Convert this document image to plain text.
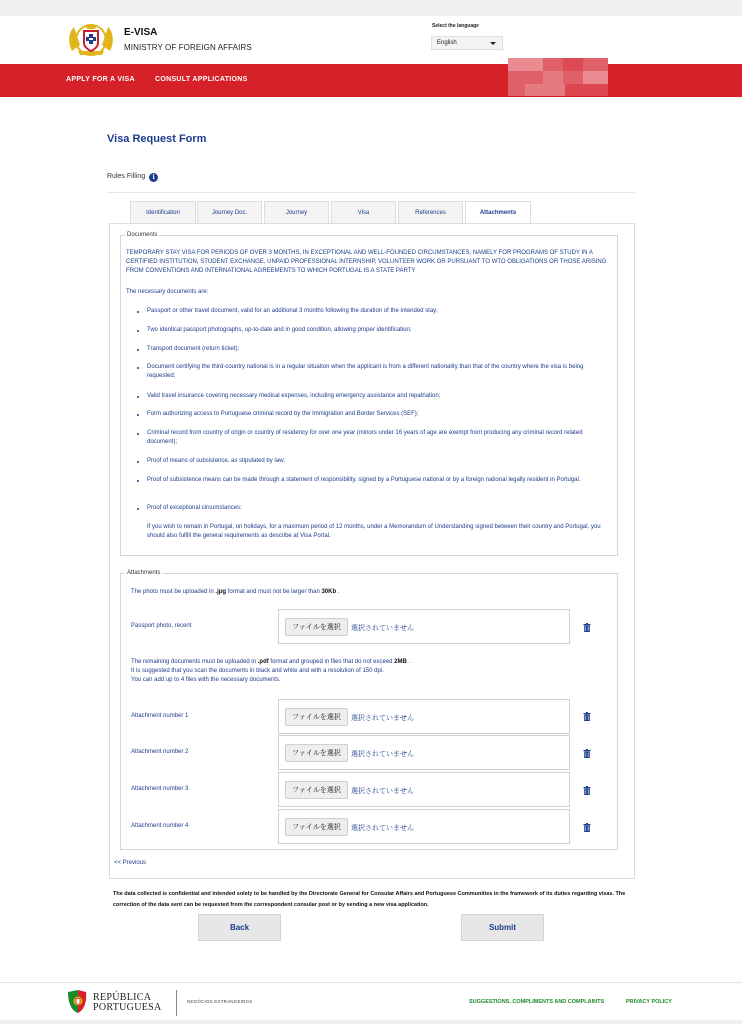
E-VISA
MINISTRY OF FOREIGN AFFAIRS
Select the language
English
APPLY FOR A VISA	CONSULT APPLICATIONS
Visa Request Form
Rules Filling i
Identification	Journey Doc.	Journey	Visa	References	Attachments
Documents
TEMPORARY STAY VISA FOR PERIODS OF OVER 3 MONTHS, IN EXCEPTIONAL AND WELL-FOUNDED CIRCUMSTANCES, NAMELY FOR PROGRAMS OF STUDY IN A CERTIFIED INSTITUTION, STUDENT EXCHANGE, UNPAID PROFESSIONAL INTERNSHIP, VOLUNTEER WORK OR PURSUANT TO WTO OBLIGATIONS OR THOSE ARISING FROM CONVENTIONS AND INTERNATIONAL AGREEMENTS TO WHICH PORTUGAL IS A STATE PARTY
The necessary documents are:
Passport or other travel document, valid for an additional 3 months following the duration of the intended stay;
Two identical passport photographs, up-to-date and in good condition, allowing proper identification;
Transport document (return ticket);
Document certifying the third-country national is in a regular situation when the applicant is from a different nationality than that of the country where the visa is being requested;
Valid travel insurance covering necessary medical expenses, including emergency assistance and repatriation;
Form authorizing access to Portuguese criminal record by the Immigration and Border Services (SEF);
Criminal record from country of origin or country of residency for over one year (minors under 16 years of age are exempt from producing any criminal record related document);
Proof of means of subsistence, as stipulated by law;
Proof of subsistence means can be made through a statement of responsibility, signed by a Portuguese national or by a foreign national legally resident in Portugal.
Proof of exceptional circumstances:
If you wish to remain in Portugal, on holidays, for a maximum period of 12 months, under a Memorandum of Understanding signed between their country and Portugal, you should also fulfill the general requirements as describe at Visa Portal.
Attachments
The photo must be uploaded in .jpg format and must not be larger than 30Kb .
Passport photo, recent	ファイルを選択	選択されていません
The remaining documents must be uploaded in .pdf format and grouped in files that do not exceed 2MB .
It is suggested that you scan the documents in black and white and with a resolution of 150 dpi.
You can add up to 4 files with the necessary documents.
Attachment number 1	ファイルを選択	選択されていません
Attachment number 2	ファイルを選択	選択されていません
Attachment number 3	ファイルを選択	選択されていません
Attachment number 4	ファイルを選択	選択されていません
<< Previous
The data collected is confidential and intended solely to be handled by the Directorate General for Consular Affairs and Portuguese Communities in the framework of its duties regarding visas. The correction of the data sent can be requested from the correspondent consular post or by sending a new visa application.
Back	Submit
REPÚBLICA
PORTUGUESA
NEGÓCIOS ESTRANGEIROS	SUGGESTIONS, COMPLIMENTS AND COMPLAINTS	PRIVACY POLICY
